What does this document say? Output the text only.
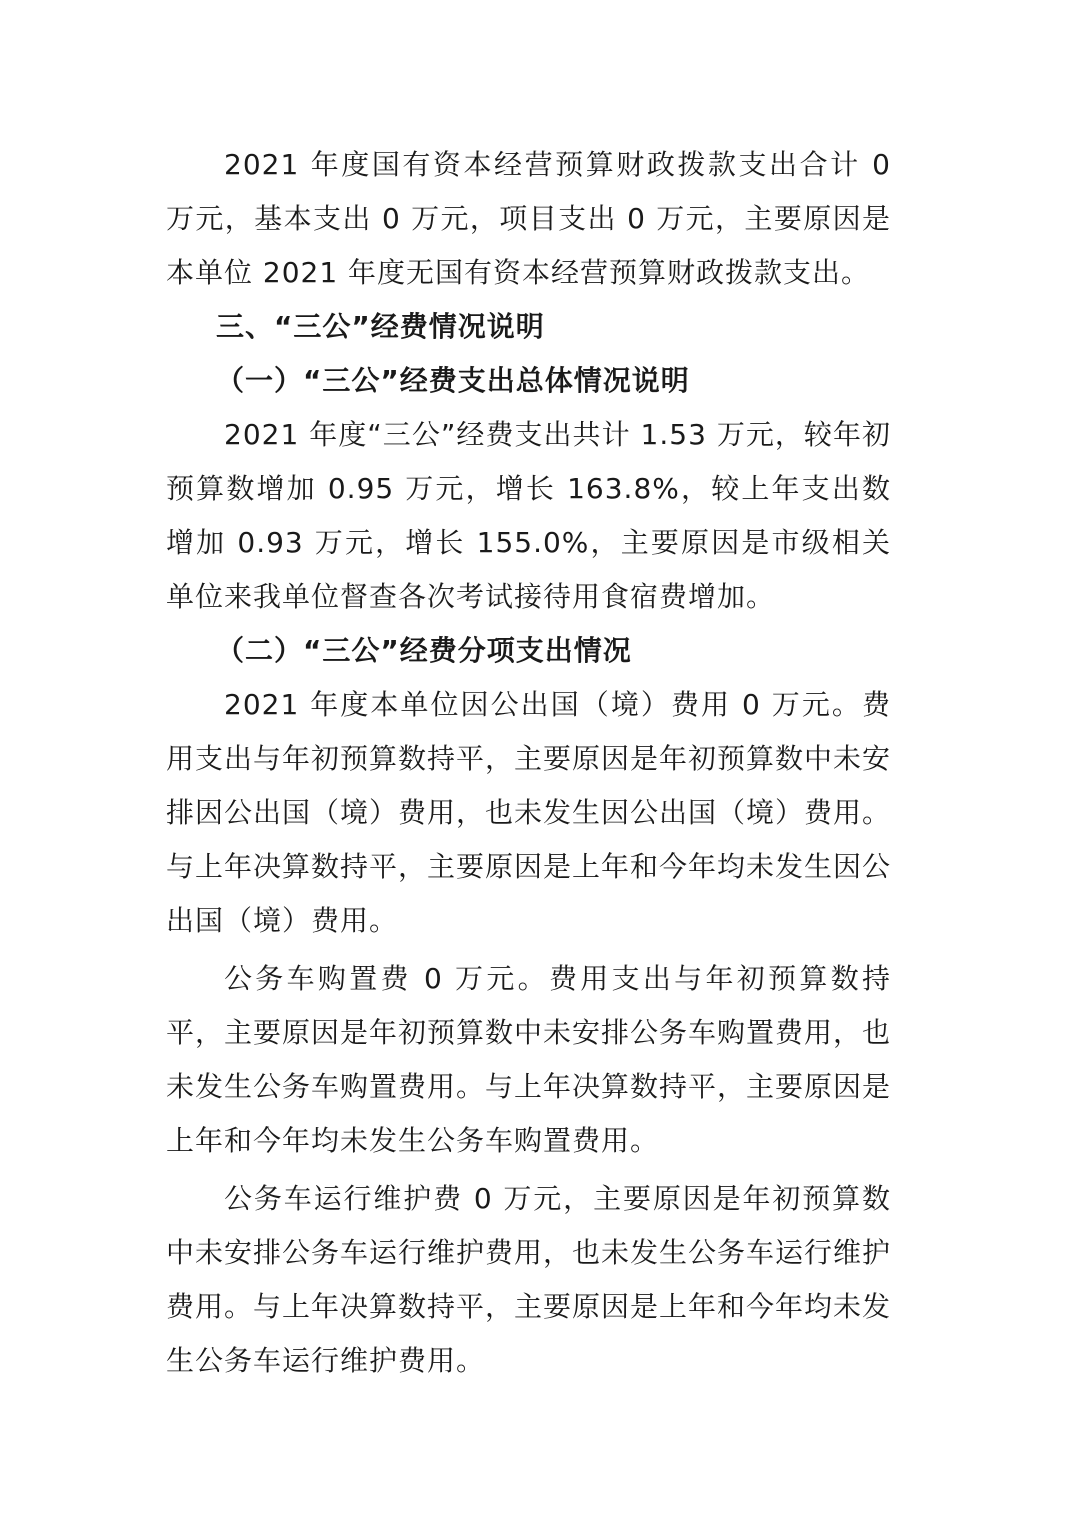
2021 年度国有资本经营预算财政拨款支出合计 0 万元，基本支出 0 万元，项目支出 0 万元，主要原因是本单位 2021 年度无国有资本经营预算财政拨款支出。

三、“三公”经费情况说明

（一）“三公”经费支出总体情况说明

2021 年度“三公”经费支出共计 1.53 万元，较年初预算数增加 0.95 万元，增长 163.8%，较上年支出数增加 0.93 万元，增长 155.0%，主要原因是市级相关单位来我单位督查各次考试接待用食宿费增加。

（二）“三公”经费分项支出情况

2021 年度本单位因公出国（境）费用 0 万元。费用支出与年初预算数持平，主要原因是年初预算数中未安排因公出国（境）费用，也未发生因公出国（境）费用。与上年决算数持平，主要原因是上年和今年均未发生因公出国（境）费用。

公务车购置费 0 万元。费用支出与年初预算数持平，主要原因是年初预算数中未安排公务车购置费用，也未发生公务车购置费用。与上年决算数持平，主要原因是上年和今年均未发生公务车购置费用。

公务车运行维护费 0 万元，主要原因是年初预算数中未安排公务车运行维护费用，也未发生公务车运行维护费用。与上年决算数持平，主要原因是上年和今年均未发生公务车运行维护费用。
